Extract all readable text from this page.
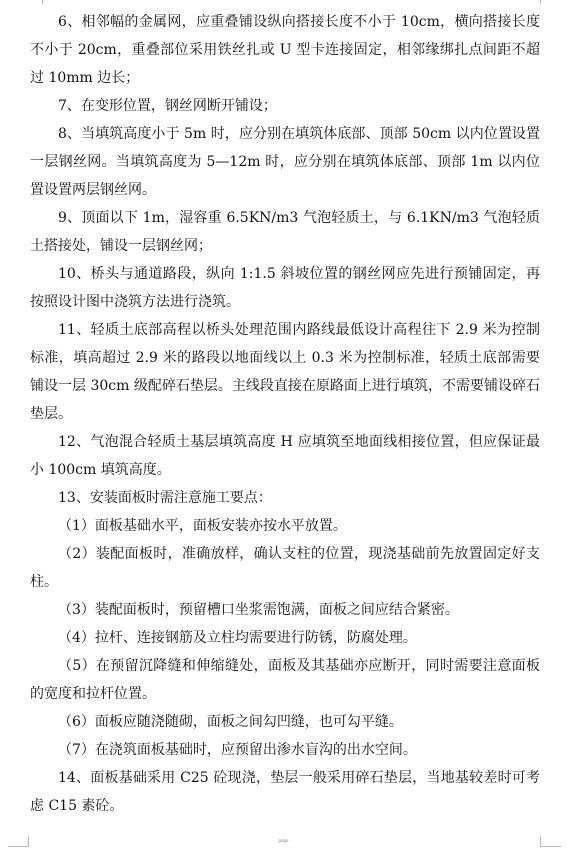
6、相邻幅的金属网，应重叠铺设纵向搭接长度不小于 10cm，横向搭接长度不小于 20cm，重叠部位采用铁丝扎或 U 型卡连接固定，相邻缘绑扎点间距不超过 10mm 边长；

7、在变形位置，钢丝网断开铺设；

8、当填筑高度小于 5m 时，应分别在填筑体底部、顶部 50cm 以内位置设置一层钢丝网。当填筑高度为 5—12m 时，应分别在填筑体底部、顶部 1m 以内位置设置两层钢丝网。

9、顶面以下 1m，湿容重 6.5KN/m3 气泡轻质土，与 6.1KN/m3 气泡轻质土搭接处，铺设一层钢丝网；

10、桥头与通道路段，纵向 1:1.5 斜坡位置的钢丝网应先进行预铺固定，再按照设计图中浇筑方法进行浇筑。

11、轻质土底部高程以桥头处理范围内路线最低设计高程往下 2.9 米为控制标准，填高超过 2.9 米的路段以地面线以上 0.3 米为控制标准，轻质土底部需要铺设一层 30cm 级配碎石垫层。主线段直接在原路面上进行填筑，不需要铺设碎石垫层。

12、气泡混合轻质土基层填筑高度 H 应填筑至地面线相接位置，但应保证最小 100cm 填筑高度。

13、安装面板时需注意施工要点：

（1）面板基础水平，面板安装亦按水平放置。

（2）装配面板时，准确放样，确认支柱的位置，现浇基础前先放置固定好支柱。

（3）装配面板时，预留槽口坐浆需饱满，面板之间应结合紧密。

（4）拉杆、连接钢筋及立柱均需要进行防锈，防腐处理。

（5）在预留沉降缝和伸缩缝处，面板及其基础亦应断开，同时需要注意面板的宽度和拉杆位置。

（6）面板应随浇随砌，面板之间勾凹缝，也可勾平缝。

（7）在浇筑面板基础时，应预留出渗水盲沟的出水空间。

14、面板基础采用 C25 砼现浇，垫层一般采用碎石垫层，当地基较差时可考虑 C15 素砼。

page
